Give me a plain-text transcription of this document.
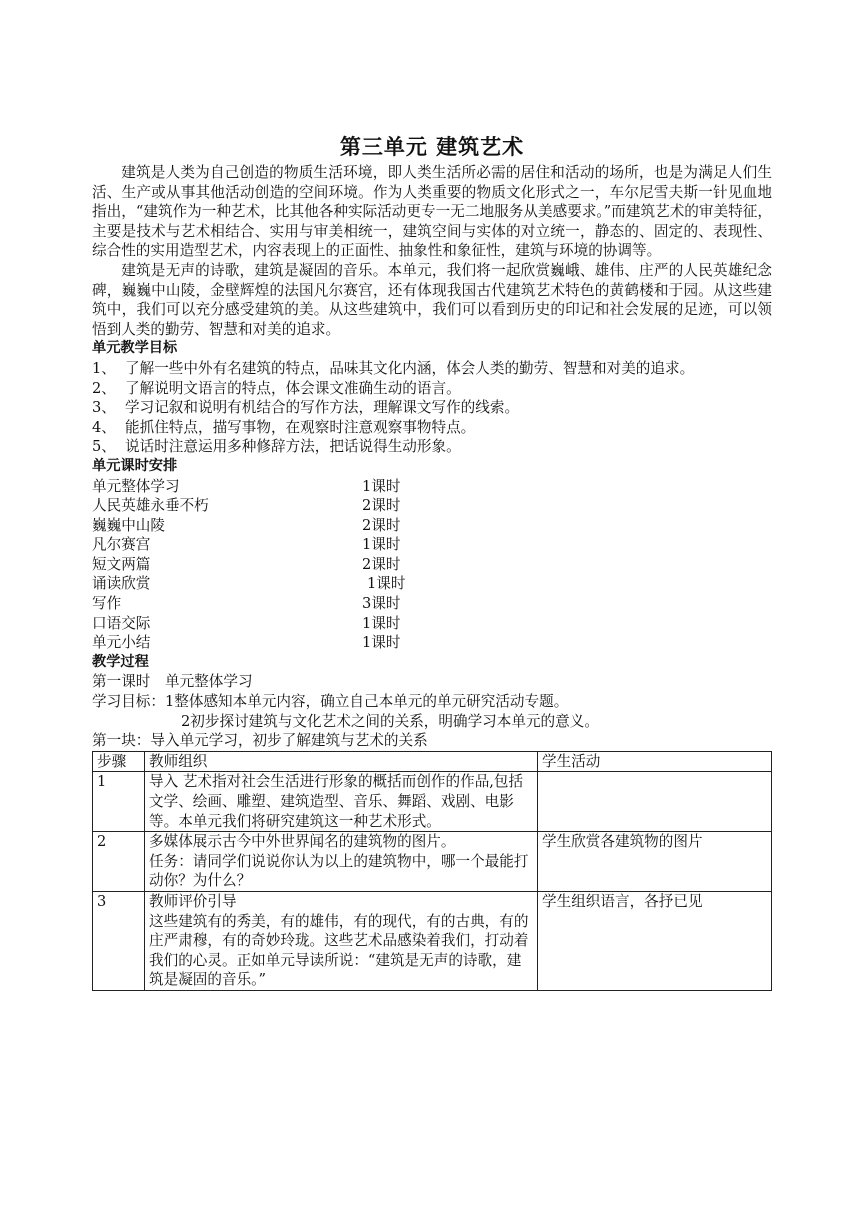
第三单元 建筑艺术

建筑是人类为自己创造的物质生活环境，即人类生活所必需的居住和活动的场所，也是为满足人们生活、生产或从事其他活动创造的空间环境。作为人类重要的物质文化形式之一，车尔尼雪夫斯一针见血地指出，“建筑作为一种艺术，比其他各种实际活动更专一无二地服务从美感要求。”而建筑艺术的审美特征，主要是技术与艺术相结合、实用与审美相统一，建筑空间与实体的对立统一，静态的、固定的、表现性、综合性的实用造型艺术，内容表现上的正面性、抽象性和象征性，建筑与环境的协调等。

建筑是无声的诗歌，建筑是凝固的音乐。本单元，我们将一起欣赏巍峨、雄伟、庄严的人民英雄纪念碑，巍巍中山陵，金壁辉煌的法国凡尔赛宫，还有体现我国古代建筑艺术特色的黄鹤楼和于园。从这些建筑中，我们可以充分感受建筑的美。从这些建筑中，我们可以看到历史的印记和社会发展的足迹，可以领悟到人类的勤劳、智慧和对美的追求。

单元教学目标
1、 了解一些中外有名建筑的特点，品味其文化内涵，体会人类的勤劳、智慧和对美的追求。
2、 了解说明文语言的特点，体会课文准确生动的语言。
3、 学习记叙和说明有机结合的写作方法，理解课文写作的线索。
4、 能抓住特点，描写事物，在观察时注意观察事物特点。
5、 说话时注意运用多种修辞方法，把话说得生动形象。
单元课时安排
单元整体学习	1课时
人民英雄永垂不朽	2课时
巍巍中山陵	2课时
凡尔赛宫	1课时
短文两篇	2课时
诵读欣赏	1课时
写作	3课时
口语交际	1课时
单元小结	1课时
教学过程
第一课时　单元整体学习
学习目标：1整体感知本单元内容，确立自己本单元的单元研究活动专题。
2初步探讨建筑与文化艺术之间的关系，明确学习本单元的意义。
第一块：导入单元学习，初步了解建筑与艺术的关系
步骤	教师组织	学生活动
1	导入 艺术指对社会生活进行形象的概括而创作的作品,包括文学、绘画、雕塑、建筑造型、音乐、舞蹈、戏剧、电影等。本单元我们将研究建筑这一种艺术形式。	

2	多媒体展示古今中外世界闻名的建筑物的图片。
任务：请同学们说说你认为以上的建筑物中，哪一个最能打动你？为什么？	学生欣赏各建筑物的图片
3	教师评价引导
这些建筑有的秀美，有的雄伟，有的现代，有的古典，有的庄严肃穆，有的奇妙玲珑。这些艺术品感染着我们，打动着我们的心灵。正如单元导读所说：“建筑是无声的诗歌，建筑是凝固的音乐。”	学生组织语言，各抒已见
